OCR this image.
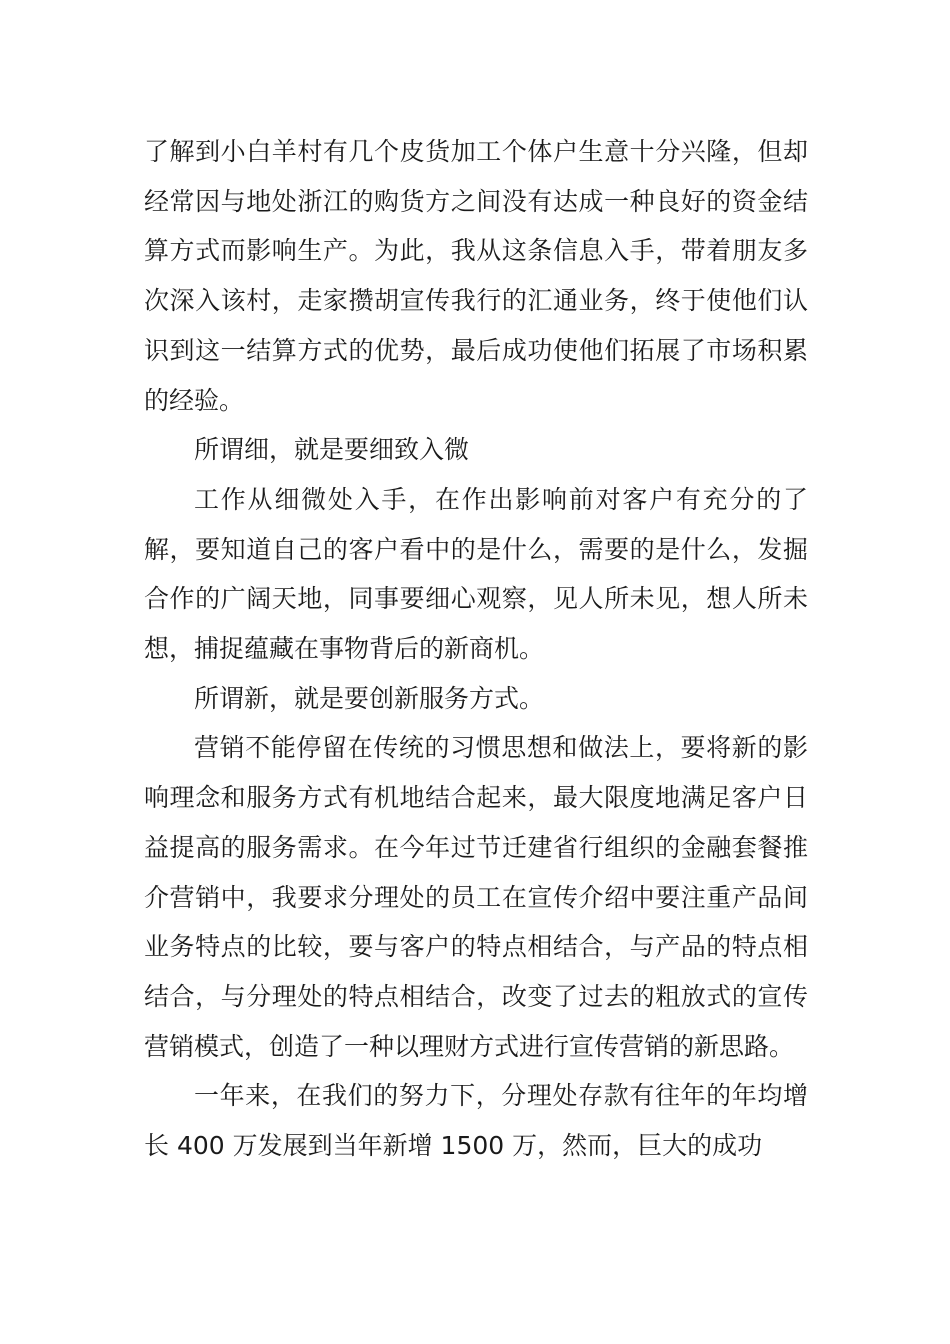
了解到小白羊村有几个皮货加工个体户生意十分兴隆，但却经常因与地处浙江的购货方之间没有达成一种良好的资金结算方式而影响生产。为此，我从这条信息入手，带着朋友多次深入该村，走家攒胡宣传我行的汇通业务，终于使他们认识到这一结算方式的优势，最后成功使他们拓展了市场积累的经验。

所谓细，就是要细致入微

工作从细微处入手，在作出影响前对客户有充分的了解，要知道自己的客户看中的是什么，需要的是什么，发掘合作的广阔天地，同事要细心观察，见人所未见，想人所未想，捕捉蕴藏在事物背后的新商机。

所谓新，就是要创新服务方式。

营销不能停留在传统的习惯思想和做法上，要将新的影响理念和服务方式有机地结合起来，最大限度地满足客户日益提高的服务需求。在今年过节迁建省行组织的金融套餐推介营销中，我要求分理处的员工在宣传介绍中要注重产品间业务特点的比较，要与客户的特点相结合，与产品的特点相结合，与分理处的特点相结合，改变了过去的粗放式的宣传营销模式，创造了一种以理财方式进行宣传营销的新思路。

一年来，在我们的努力下，分理处存款有往年的年均增长 400 万发展到当年新增 1500 万，然而，巨大的成功
